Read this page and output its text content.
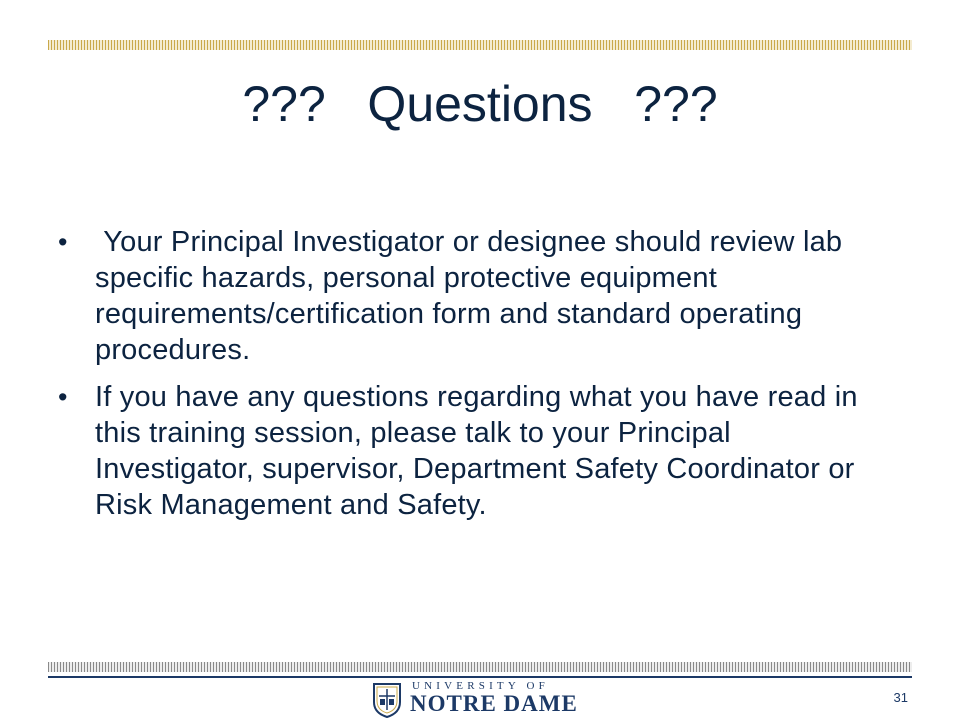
???   Questions   ???
• Your Principal Investigator or designee should review lab specific hazards, personal protective equipment requirements/certification form and standard operating procedures.
• If you have any questions regarding what you have read in this training session, please talk to your Principal Investigator, supervisor, Department Safety Coordinator or Risk Management and Safety.
UNIVERSITY OF
NOTRE DAME	31
